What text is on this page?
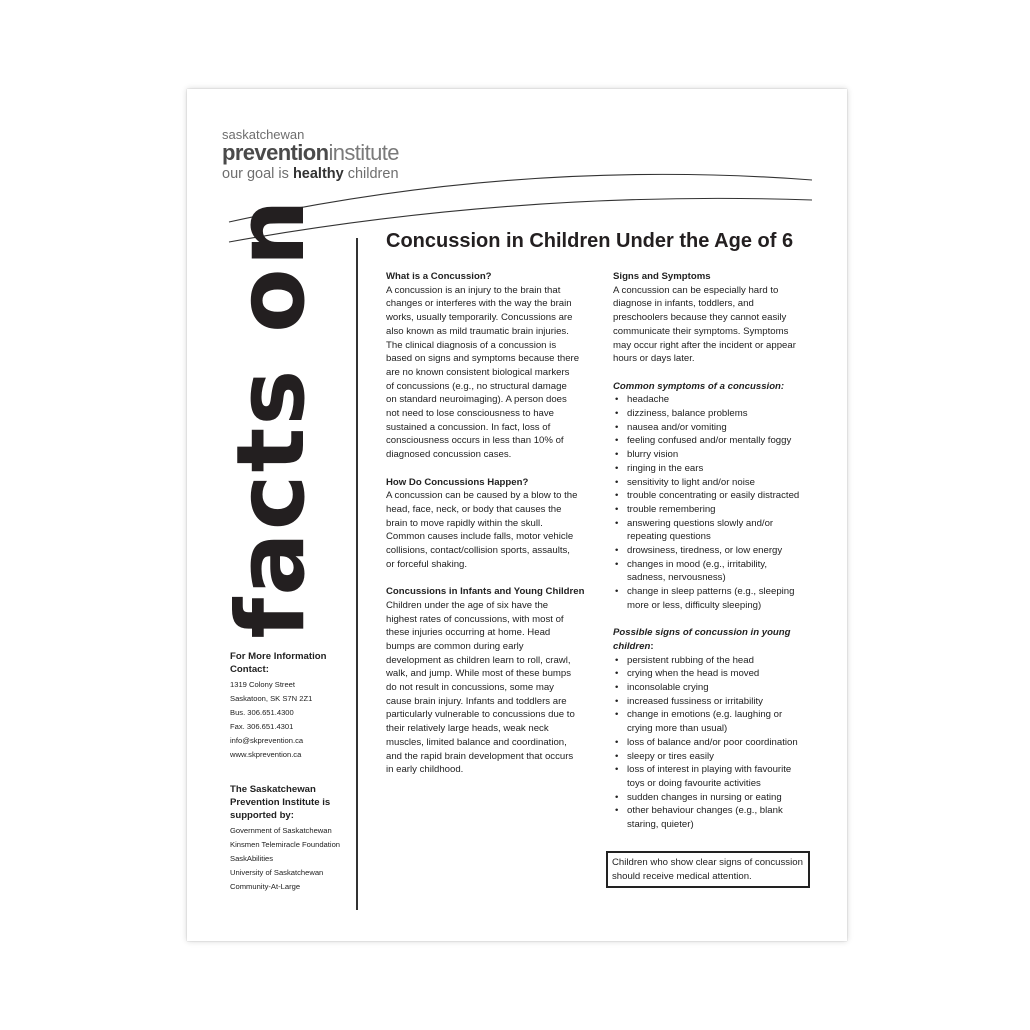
saskatchewan
preventioninstitute
our goal is healthy children
facts on
For More Information Contact:
1319 Colony Street
Saskatoon, SK S7N 2Z1
Bus. 306.651.4300
Fax. 306.651.4301
info@skprevention.ca
www.skprevention.ca
The Saskatchewan Prevention Institute is supported by:
Government of Saskatchewan
Kinsmen Telemiracle Foundation
SaskAbilities
University of Saskatchewan
Community-At-Large
Concussion in Children Under the Age of 6

What is a Concussion?

A concussion is an injury to the brain that

changes or interferes with the way the brain

works, usually temporarily. Concussions are

also known as mild traumatic brain injuries.

The clinical diagnosis of a concussion is

based on signs and symptoms because there

are no known consistent biological markers

of concussions (e.g., no structural damage

on standard neuroimaging). A person does

not need to lose consciousness to have

sustained a concussion. In fact, loss of

consciousness occurs in less than 10% of

diagnosed concussion cases.

How Do Concussions Happen?

A concussion can be caused by a blow to the

head, face, neck, or body that causes the

brain to move rapidly within the skull.

Common causes include falls, motor vehicle

collisions, contact/collision sports, assaults,

or forceful shaking.

Concussions in Infants and Young Children

Children under the age of six have the

highest rates of concussions, with most of

these injuries occurring at home. Head

bumps are common during early

development as children learn to roll, crawl,

walk, and jump. While most of these bumps

do not result in concussions, some may

cause brain injury. Infants and toddlers are

particularly vulnerable to concussions due to

their relatively large heads, weak neck

muscles, limited balance and coordination,

and the rapid brain development that occurs

in early childhood.

Signs and Symptoms

A concussion can be especially hard to

diagnose in infants, toddlers, and

preschoolers because they cannot easily

communicate their symptoms. Symptoms

may occur right after the incident or appear

hours or days later.

Common symptoms of a concussion:

• headache
• dizziness, balance problems
• nausea and/or vomiting
• feeling confused and/or mentally foggy
• blurry vision
• ringing in the ears
• sensitivity to light and/or noise
• trouble concentrating or easily distracted
• trouble remembering
• answering questions slowly and/or
repeating questions
• drowsiness, tiredness, or low energy
• changes in mood (e.g., irritability,
sadness, nervousness)
• change in sleep patterns (e.g., sleeping
more or less, difficulty sleeping)

Possible signs of concussion in young
children:

• persistent rubbing of the head
• crying when the head is moved
• inconsolable crying
• increased fussiness or irritability
• change in emotions (e.g. laughing or
crying more than usual)
• loss of balance and/or poor coordination
• sleepy or tires easily
• loss of interest in playing with favourite
toys or doing favourite activities
• sudden changes in nursing or eating
• other behaviour changes (e.g., blank
staring, quieter)
Children who show clear signs of concussion
should receive medical attention.
